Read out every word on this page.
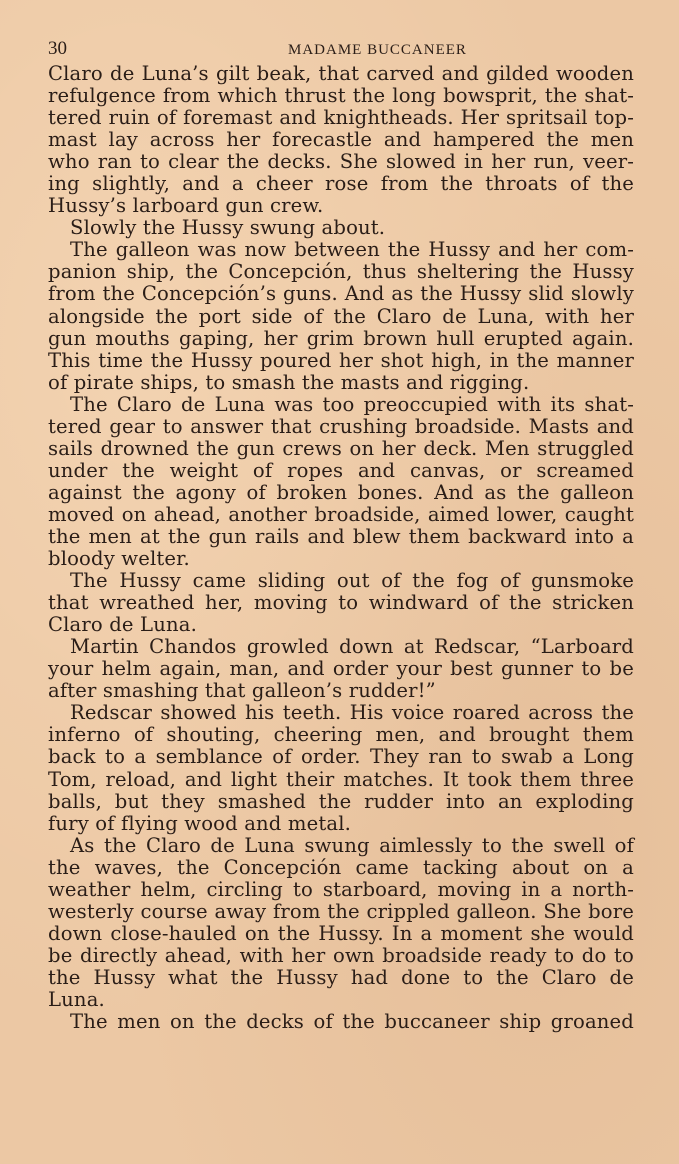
30	MADAME BUCCANEER
Claro de Luna’s gilt beak, that carved and gilded wooden
refulgence from which thrust the long bowsprit, the shat-
tered ruin of foremast and knightheads. Her spritsail top-
mast lay across her forecastle and hampered the men
who ran to clear the decks. She slowed in her run, veer-
ing slightly, and a cheer rose from the throats of the
Hussy’s larboard gun crew.
Slowly the Hussy swung about.
The galleon was now between the Hussy and her com-
panion ship, the Concepción, thus sheltering the Hussy
from the Concepción’s guns. And as the Hussy slid slowly
alongside the port side of the Claro de Luna, with her
gun mouths gaping, her grim brown hull erupted again.
This time the Hussy poured her shot high, in the manner
of pirate ships, to smash the masts and rigging.
The Claro de Luna was too preoccupied with its shat-
tered gear to answer that crushing broadside. Masts and
sails drowned the gun crews on her deck. Men struggled
under the weight of ropes and canvas, or screamed
against the agony of broken bones. And as the galleon
moved on ahead, another broadside, aimed lower, caught
the men at the gun rails and blew them backward into a
bloody welter.
The Hussy came sliding out of the fog of gunsmoke
that wreathed her, moving to windward of the stricken
Claro de Luna.
Martin Chandos growled down at Redscar, “Larboard
your helm again, man, and order your best gunner to be
after smashing that galleon’s rudder!”
Redscar showed his teeth. His voice roared across the
inferno of shouting, cheering men, and brought them
back to a semblance of order. They ran to swab a Long
Tom, reload, and light their matches. It took them three
balls, but they smashed the rudder into an exploding
fury of flying wood and metal.
As the Claro de Luna swung aimlessly to the swell of
the waves, the Concepción came tacking about on a
weather helm, circling to starboard, moving in a north-
westerly course away from the crippled galleon. She bore
down close-hauled on the Hussy. In a moment she would
be directly ahead, with her own broadside ready to do to
the Hussy what the Hussy had done to the Claro de
Luna.
The men on the decks of the buccaneer ship groaned
